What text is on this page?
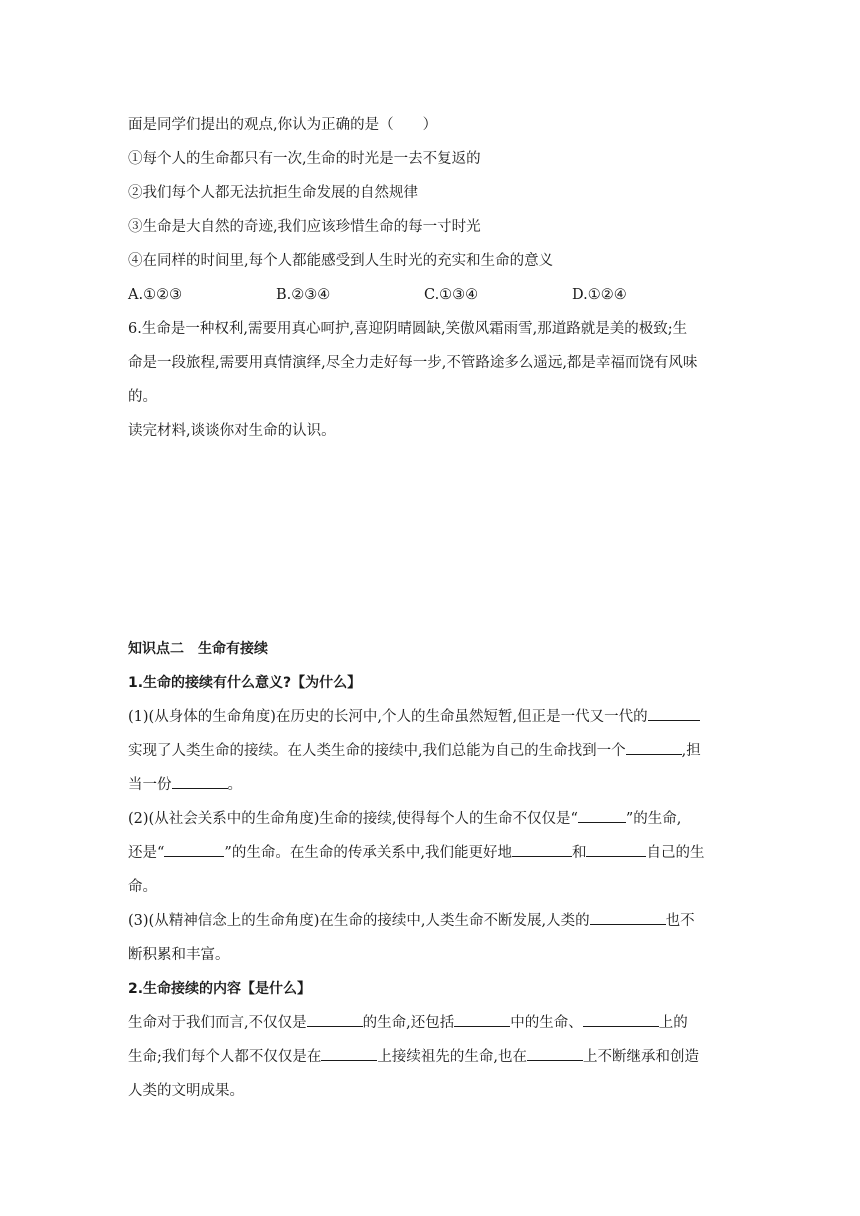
面是同学们提出的观点,你认为正确的是（　　）

①每个人的生命都只有一次,生命的时光是一去不复返的

②我们每个人都无法抗拒生命发展的自然规律

③生命是大自然的奇迹,我们应该珍惜生命的每一寸时光

④在同样的时间里,每个人都能感受到人生时光的充实和生命的意义

A.①②③	B.②③④	C.①③④	D.①②④

6.生命是一种权利,需要用真心呵护,喜迎阴晴圆缺,笑傲风霜雨雪,那道路就是美的极致;生

命是一段旅程,需要用真情演绎,尽全力走好每一步,不管路途多么遥远,都是幸福而饶有风味

的。

读完材料,谈谈你对生命的认识。

知识点二　生命有接续

1.生命的接续有什么意义?【为什么】

(1)(从身体的生命角度)在历史的长河中,个人的生命虽然短暂,但正是一代又一代的

实现了人类生命的接续。在人类生命的接续中,我们总能为自己的生命找到一个	,担

当一份	。

(2)(从社会关系中的生命角度)生命的接续,使得每个人的生命不仅仅是“	”的生命,

还是“	”的生命。在生命的传承关系中,我们能更好地	和	自己的生

命。

(3)(从精神信念上的生命角度)在生命的接续中,人类生命不断发展,人类的	也不

断积累和丰富。

2.生命接续的内容【是什么】

生命对于我们而言,不仅仅是	的生命,还包括	中的生命、	上的

生命;我们每个人都不仅仅是在	上接续祖先的生命,也在	上不断继承和创造

人类的文明成果。
